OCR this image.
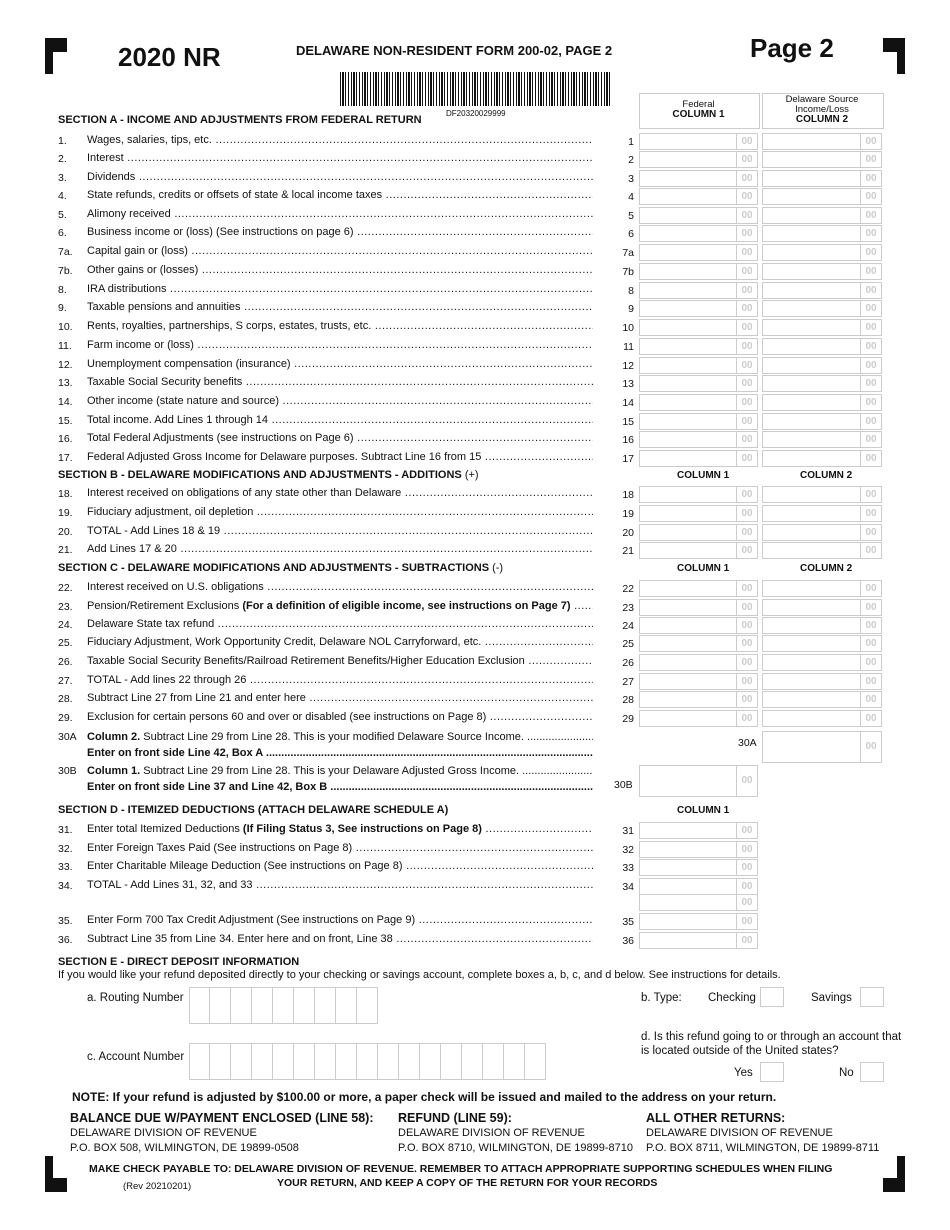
2020 NR	DELAWARE NON-RESIDENT FORM 200-02, PAGE 2	Page 2
DF20320029999
Federal
COLUMN 1
Delaware Source
Income/Loss
COLUMN 2
SECTION A - INCOME AND ADJUSTMENTS FROM FEDERAL RETURN
1. Wages, salaries, tips, etc. .....	1	00	00
2. Interest .....	2	00	00
3. Dividends .....	3	00	00
4. State refunds, credits or offsets of state & local income taxes .....	4	00	00
5. Alimony received .....	5	00	00
6. Business income or (loss) (See instructions on page 6) .....	6	00	00
7a. Capital gain or (loss) .....	7a	00	00
7b. Other gains or (losses) .....	7b	00	00
8. IRA distributions .....	8	00	00
9. Taxable pensions and annuities .....	9	00	00
10. Rents, royalties, partnerships, S corps, estates, trusts, etc. .....	10	00	00
11. Farm income or (loss) .....	11	00	00
12. Unemployment compensation (insurance) .....	12	00	00
13. Taxable Social Security benefits .....	13	00	00
14. Other income (state nature and source) .....	14	00	00
15. Total income. Add Lines 1 through 14 .....	15	00	00
16. Total Federal Adjustments (see instructions on Page 6) .....	16	00	00
17. Federal Adjusted Gross Income for Delaware purposes. Subtract Line 16 from 15 .....	17	00	00
SECTION B - DELAWARE MODIFICATIONS AND ADJUSTMENTS - ADDITIONS (+)	COLUMN 1	COLUMN 2
18. Interest received on obligations of any state other than Delaware .....	18	00	00
19. Fiduciary adjustment, oil depletion .....	19	00	00
20. TOTAL - Add Lines 18 & 19 .....	20	00	00
21. Add Lines 17 & 20 .....	21	00	00
SECTION C - DELAWARE MODIFICATIONS AND ADJUSTMENTS - SUBTRACTIONS (-)	COLUMN 1	COLUMN 2
22. Interest received on U.S. obligations .....	22	00	00
23. Pension/Retirement Exclusions (For a definition of eligible income, see instructions on Page 7) .....	23	00	00
24. Delaware State tax refund .....	24	00	00
25. Fiduciary Adjustment, Work Opportunity Credit, Delaware NOL Carryforward, etc. .....	25	00	00
26. Taxable Social Security Benefits/Railroad Retirement Benefits/Higher Education Exclusion .....	26	00	00
27. TOTAL - Add lines 22 through 26 .....	27	00	00
28. Subtract Line 27 from Line 21 and enter here .....	28	00	00
29. Exclusion for certain persons 60 and over or disabled (see instructions on Page 8) .....	29	00	00
30A Column 2. Subtract Line 29 from Line 28. This is your modified Delaware Source Income. .....
Enter on front side Line 42, Box A .....
30A	00
30B Column 1. Subtract Line 29 from Line 28. This is your Delaware Adjusted Gross Income. .....
Enter on front side Line 37 and Line 42, Box B .....	30B	00
SECTION D - ITEMIZED DEDUCTIONS (ATTACH DELAWARE SCHEDULE A)	COLUMN 1
31. Enter total Itemized Deductions (If Filing Status 3, See instructions on Page 8) .....	31	00
32. Enter Foreign Taxes Paid (See instructions on Page 8) .....	32	00
33. Enter Charitable Mileage Deduction (See instructions on Page 8) .....	33	00
34. TOTAL - Add Lines 31, 32, and 33 .....	34	00
35. Enter Form 700 Tax Credit Adjustment (See instructions on Page 9) .....	35	00
36. Subtract Line 35 from Line 34. Enter here and on front, Line 38 .....	36	00
00
SECTION E - DIRECT DEPOSIT INFORMATION
If you would like your refund deposited directly to your checking or savings account, complete boxes a, b, c, and d below. See instructions for details.
a. Routing Number
c. Account Number
b. Type: Checking	Savings
d. Is this refund going to or through an account that
is located outside of the United states?
Yes	No
NOTE: If your refund is adjusted by $100.00 or more, a paper check will be issued and mailed to the address on your return.
BALANCE DUE W/PAYMENT ENCLOSED (LINE 58):
DELAWARE DIVISION OF REVENUE
P.O. BOX 508, WILMINGTON, DE 19899-0508
REFUND (LINE 59):
DELAWARE DIVISION OF REVENUE
P.O. BOX 8710, WILMINGTON, DE 19899-8710
ALL OTHER RETURNS:
DELAWARE DIVISION OF REVENUE
P.O. BOX 8711, WILMINGTON, DE 19899-8711
MAKE CHECK PAYABLE TO: DELAWARE DIVISION OF REVENUE. REMEMBER TO ATTACH APPROPRIATE SUPPORTING SCHEDULES WHEN FILING
YOUR RETURN, AND KEEP A COPY OF THE RETURN FOR YOUR RECORDS
(Rev 20210201)
